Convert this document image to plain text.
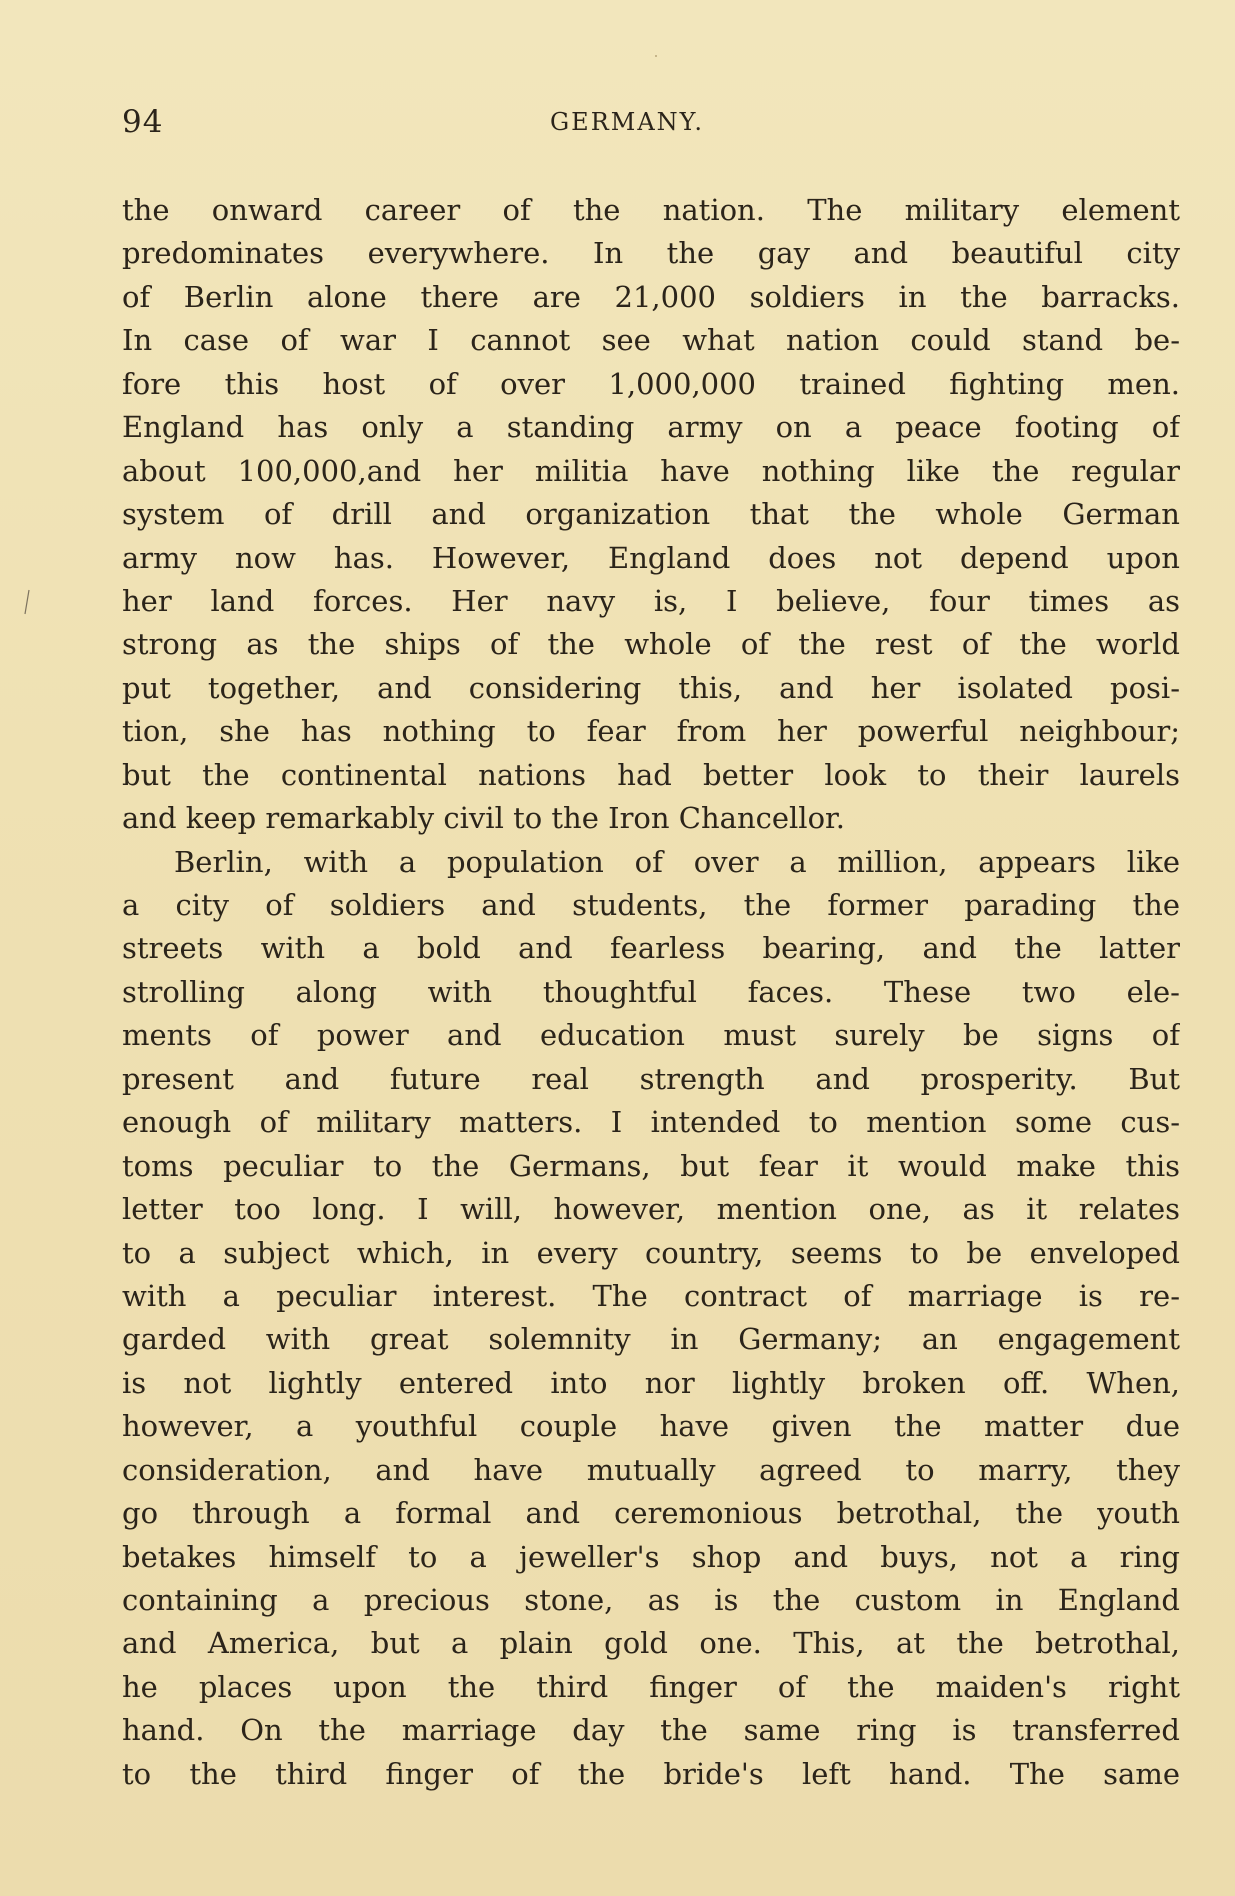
94	GERMANY.
the onward career of the nation. The military element
predominates everywhere. In the gay and beautiful city
of Berlin alone there are 21,000 soldiers in the barracks.
In case of war I cannot see what nation could stand be-
fore this host of over 1,000,000 trained fighting men.
England has only a standing army on a peace footing of
about 100,000,and her militia have nothing like the regular
system of drill and organization that the whole German
army now has. However, England does not depend upon
her land forces. Her navy is, I believe, four times as
strong as the ships of the whole of the rest of the world
put together, and considering this, and her isolated posi-
tion, she has nothing to fear from her powerful neighbour;
but the continental nations had better look to their laurels
and keep remarkably civil to the Iron Chancellor.
Berlin, with a population of over a million, appears like
a city of soldiers and students, the former parading the
streets with a bold and fearless bearing, and the latter
strolling along with thoughtful faces. These two ele-
ments of power and education must surely be signs of
present and future real strength and prosperity. But
enough of military matters. I intended to mention some cus-
toms peculiar to the Germans, but fear it would make this
letter too long. I will, however, mention one, as it relates
to a subject which, in every country, seems to be enveloped
with a peculiar interest. The contract of marriage is re-
garded with great solemnity in Germany; an engagement
is not lightly entered into nor lightly broken off. When,
however, a youthful couple have given the matter due
consideration, and have mutually agreed to marry, they
go through a formal and ceremonious betrothal, the youth
betakes himself to a jeweller's shop and buys, not a ring
containing a precious stone, as is the custom in England
and America, but a plain gold one. This, at the betrothal,
he places upon the third finger of the maiden's right
hand. On the marriage day the same ring is transferred
to the third finger of the bride's left hand. The same
